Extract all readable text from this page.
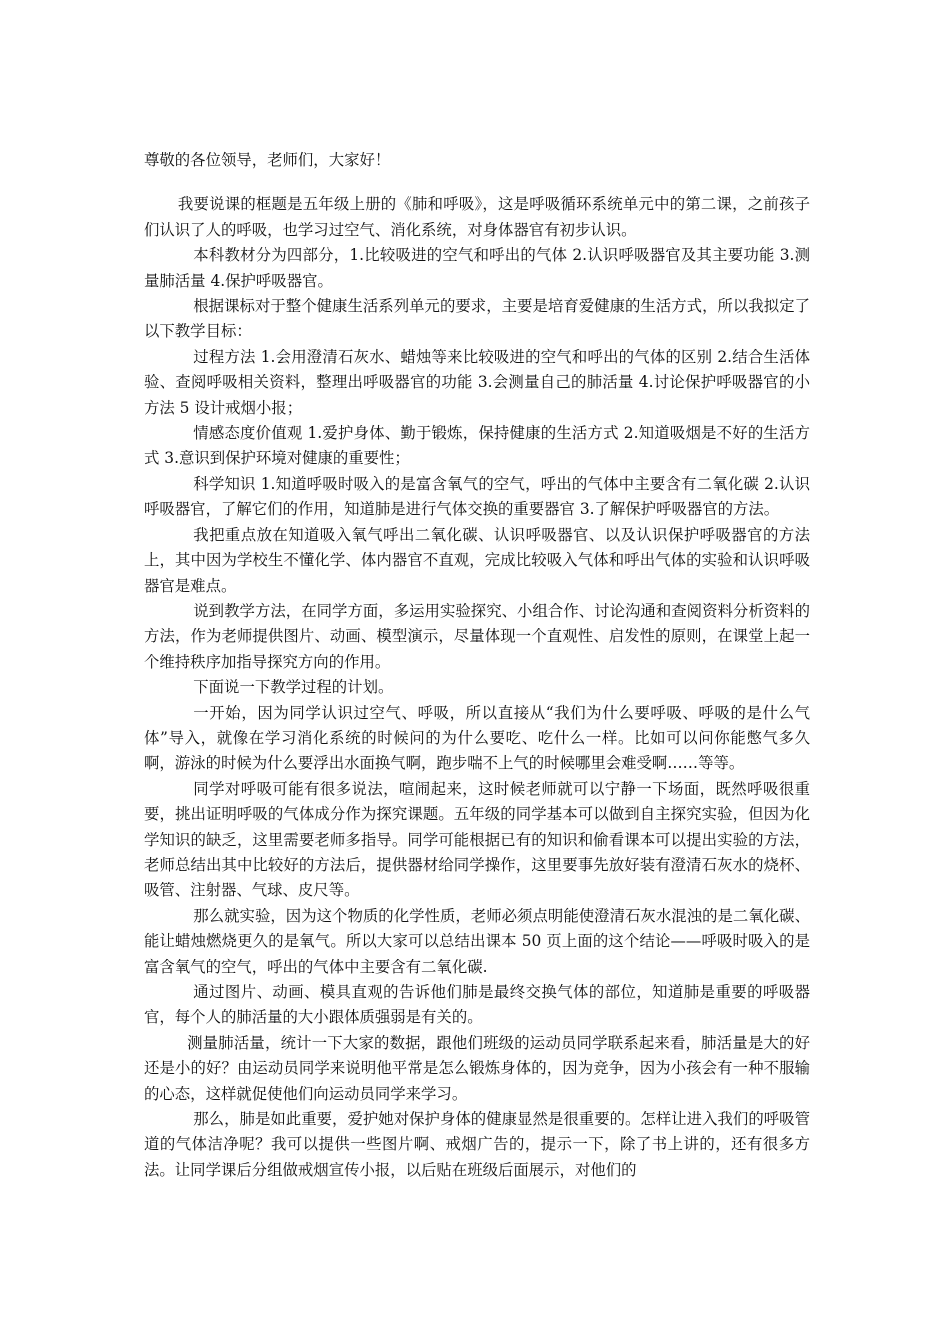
尊敬的各位领导，老师们，大家好！

我要说课的框题是五年级上册的《肺和呼吸》，这是呼吸循环系统单元中的第二课，之前孩子们认识了人的呼吸，也学习过空气、消化系统，对身体器官有初步认识。

本科教材分为四部分，1.比较吸进的空气和呼出的气体 2.认识呼吸器官及其主要功能 3.测量肺活量 4.保护呼吸器官。

根据课标对于整个健康生活系列单元的要求，主要是培育爱健康的生活方式，所以我拟定了以下教学目标：

过程方法 1.会用澄清石灰水、蜡烛等来比较吸进的空气和呼出的气体的区别 2.结合生活体验、查阅呼吸相关资料，整理出呼吸器官的功能 3.会测量自己的肺活量 4.讨论保护呼吸器官的小方法 5 设计戒烟小报；

情感态度价值观 1.爱护身体、勤于锻炼，保持健康的生活方式 2.知道吸烟是不好的生活方式 3.意识到保护环境对健康的重要性；

科学知识 1.知道呼吸时吸入的是富含氧气的空气，呼出的气体中主要含有二氧化碳 2.认识呼吸器官，了解它们的作用，知道肺是进行气体交换的重要器官 3.了解保护呼吸器官的方法。

我把重点放在知道吸入氧气呼出二氧化碳、认识呼吸器官、以及认识保护呼吸器官的方法上，其中因为学校生不懂化学、体内器官不直观，完成比较吸入气体和呼出气体的实验和认识呼吸器官是难点。

说到教学方法，在同学方面，多运用实验探究、小组合作、讨论沟通和查阅资料分析资料的方法，作为老师提供图片、动画、模型演示，尽量体现一个直观性、启发性的原则，在课堂上起一个维持秩序加指导探究方向的作用。

下面说一下教学过程的计划。

一开始，因为同学认识过空气、呼吸，所以直接从“我们为什么要呼吸、呼吸的是什么气体”导入，就像在学习消化系统的时候问的为什么要吃、吃什么一样。比如可以问你能憋气多久啊，游泳的时候为什么要浮出水面换气啊，跑步喘不上气的时候哪里会难受啊……等等。

同学对呼吸可能有很多说法，喧闹起来，这时候老师就可以宁静一下场面，既然呼吸很重要，挑出证明呼吸的气体成分作为探究课题。五年级的同学基本可以做到自主探究实验，但因为化学知识的缺乏，这里需要老师多指导。同学可能根据已有的知识和偷看课本可以提出实验的方法，老师总结出其中比较好的方法后，提供器材给同学操作，这里要事先放好装有澄清石灰水的烧杯、吸管、注射器、气球、皮尺等。

那么就实验，因为这个物质的化学性质，老师必须点明能使澄清石灰水混浊的是二氧化碳、能让蜡烛燃烧更久的是氧气。所以大家可以总结出课本 50 页上面的这个结论——呼吸时吸入的是富含氧气的空气，呼出的气体中主要含有二氧化碳.

通过图片、动画、模具直观的告诉他们肺是最终交换气体的部位，知道肺是重要的呼吸器官，每个人的肺活量的大小跟体质强弱是有关的。

测量肺活量，统计一下大家的数据，跟他们班级的运动员同学联系起来看，肺活量是大的好还是小的好？由运动员同学来说明他平常是怎么锻炼身体的，因为竞争，因为小孩会有一种不服输的心态，这样就促使他们向运动员同学来学习。

那么，肺是如此重要，爱护她对保护身体的健康显然是很重要的。怎样让进入我们的呼吸管道的气体洁净呢？我可以提供一些图片啊、戒烟广告的，提示一下，除了书上讲的，还有很多方法。让同学课后分组做戒烟宣传小报，以后贴在班级后面展示，对他们的
